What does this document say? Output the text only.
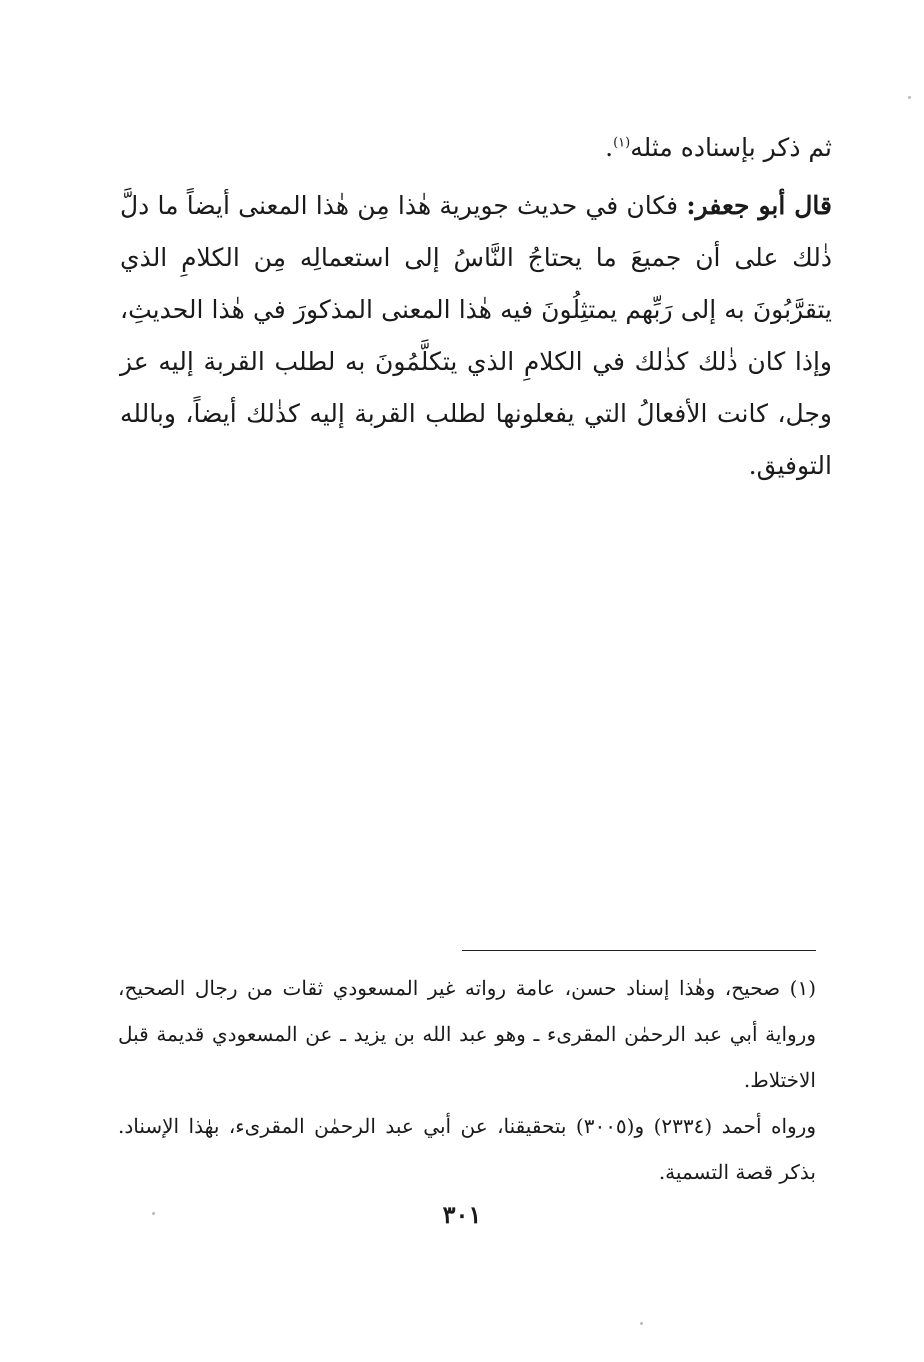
ثم ذكر بإسناده مثله$^{(١)}$.

قال أبو جعفر: فكان في حديث جويرية هٰذا مِن هٰذا المعنى أيضاً ما دلَّ ذٰلك على أن جميعَ ما يحتاجُ النَّاسُ إلى استعمالِه مِن الكلامِ الذي يتقرَّبُونَ به إلى رَبِّهم يمتثِلُونَ فيه هٰذا المعنى المذكورَ في هٰذا الحديثِ، وإذا كان ذٰلك كذٰلك في الكلامِ الذي يتكلَّمُونَ به لطلب القربة إليه عز وجل، كانت الأفعالُ التي يفعلونها لطلب القربة إليه كذٰلك أيضاً، وبالله التوفيق.

(١) صحيح، وهٰذا إسناد حسن، عامة رواته غير المسعودي ثقات من رجال الصحيح، ورواية أبي عبد الرحمٰن المقرىء ـ وهو عبد الله بن يزيد ـ عن المسعودي قديمة قبل الاختلاط.

ورواه أحمد (٢٣٣٤) و(٣٠٠٥) بتحقيقنا، عن أبي عبد الرحمٰن المقرىء، بهٰذا الإسناد. بذكر قصة التسمية.

٣٠١
